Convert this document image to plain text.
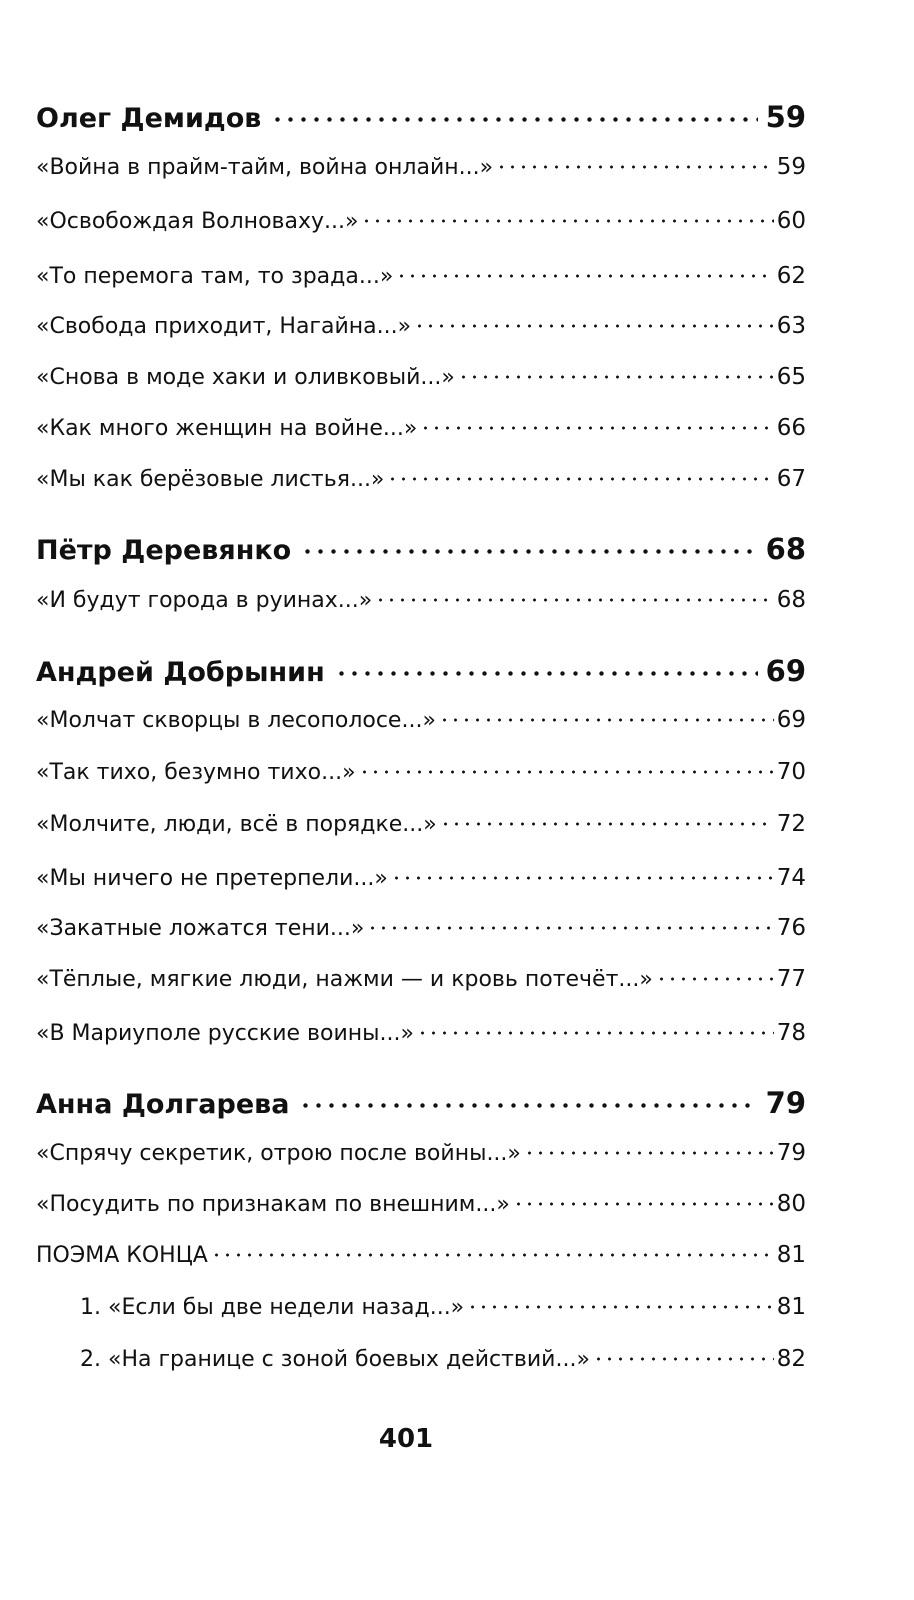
Олег Демидов	59
«Война в прайм-тайм, война онлайн...»	59
«Освобождая Волноваху...»	60
«То перемога там, то зрада...»	62
«Свобода приходит, Нагайна...»	63
«Снова в моде хаки и оливковый...»	65
«Как много женщин на войне...»	66
«Мы как берёзовые листья...»	67
Пётр Деревянко	68
«И будут города в руинах...»	68
Андрей Добрынин	69
«Молчат скворцы в лесополосе...»	69
«Так тихо, безумно тихо...»	70
«Молчите, люди, всё в порядке...»	72
«Мы ничего не претерпели...»	74
«Закатные ложатся тени...»	76
«Тёплые, мягкие люди, нажми — и кровь потечёт...»	77
«В Мариуполе русские воины...»	78
Анна Долгарева	79
«Спрячу секретик, отрою после войны...»	79
«Посудить по признакам по внешним...»	80
ПОЭМА КОНЦА	81
1. «Если бы две недели назад...»	81
2. «На границе с зоной боевых действий...»	82
401
